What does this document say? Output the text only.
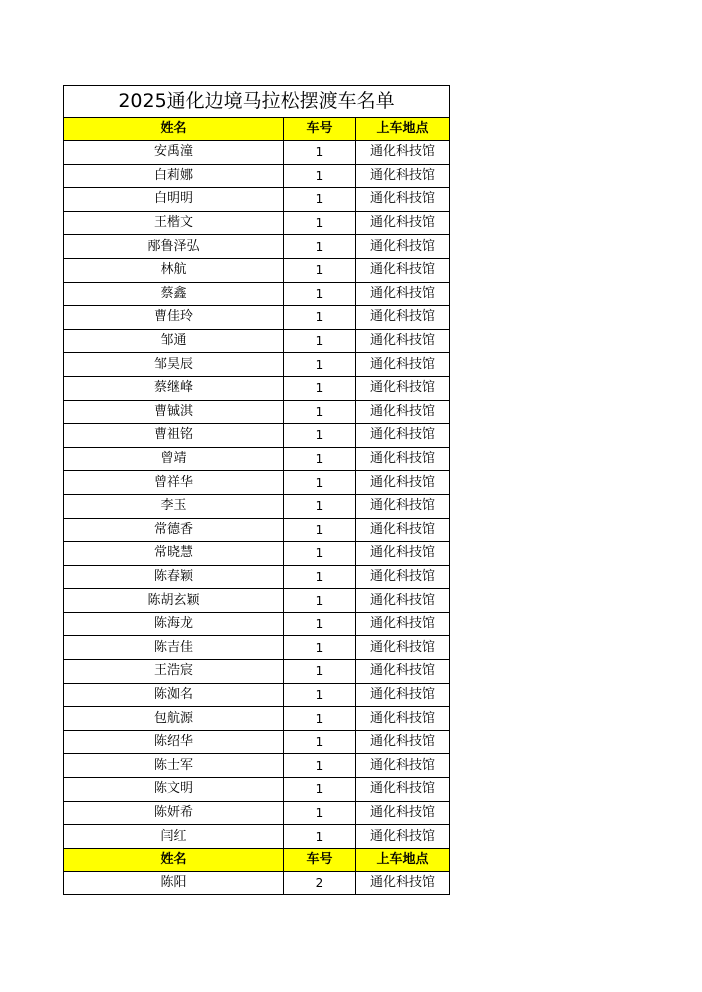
2025通化边境马拉松摆渡车名单		
姓名	车号	上车地点
安禹潼	1	通化科技馆
白莉娜	1	通化科技馆
白明明	1	通化科技馆
王楷文	1	通化科技馆
邴鲁泽弘	1	通化科技馆
林航	1	通化科技馆
蔡鑫	1	通化科技馆
曹佳玲	1	通化科技馆
邹通	1	通化科技馆
邹昊辰	1	通化科技馆
蔡继峰	1	通化科技馆
曹铖淇	1	通化科技馆
曹祖铭	1	通化科技馆
曾靖	1	通化科技馆
曾祥华	1	通化科技馆
李玉	1	通化科技馆
常德香	1	通化科技馆
常晓慧	1	通化科技馆
陈春颖	1	通化科技馆
陈胡玄颖	1	通化科技馆
陈海龙	1	通化科技馆
陈吉佳	1	通化科技馆
王浩宸	1	通化科技馆
陈洳名	1	通化科技馆
包航源	1	通化科技馆
陈绍华	1	通化科技馆
陈士军	1	通化科技馆
陈文明	1	通化科技馆
陈妍希	1	通化科技馆
闫红	1	通化科技馆
姓名	车号	上车地点
陈阳	2	通化科技馆
